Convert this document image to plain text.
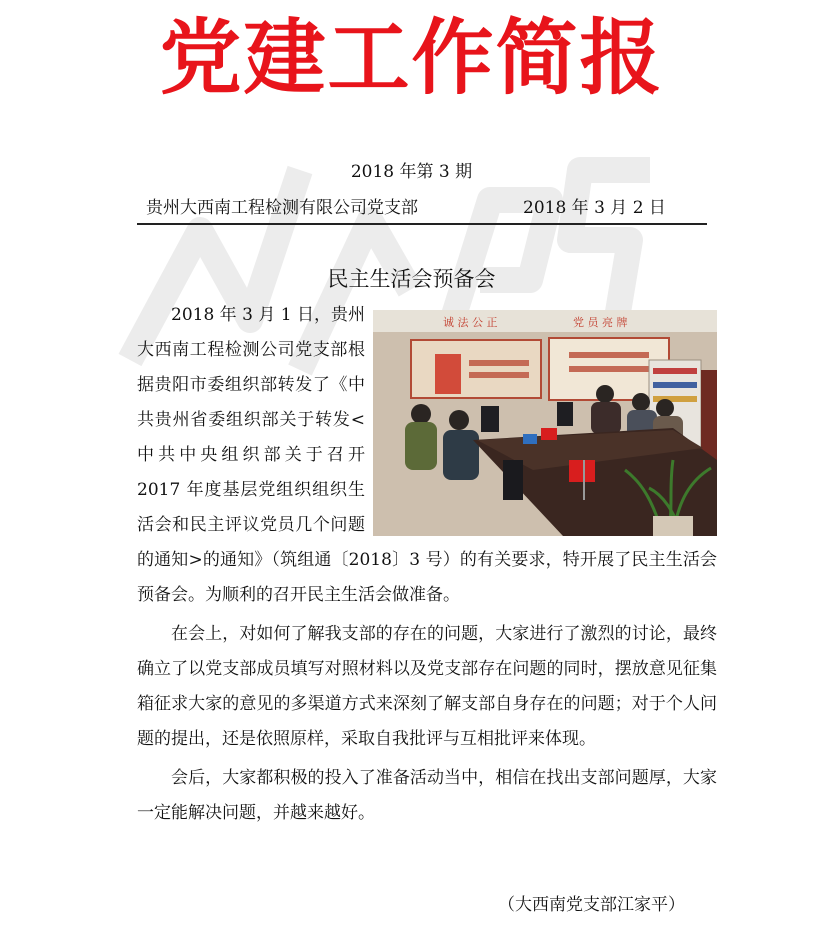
党建工作简报
2018 年第 3 期
贵州大西南工程检测有限公司党支部	2018 年 3 月 2 日
民主生活会预备会
诚 法 公 正	党 员 亮 牌

2018 年 3 月 1 日，贵州大西南工程检测公司党支部根据贵阳市委组织部转发了《中共贵州省委组织部关于转发<中共中央组织部关于召开 2017 年度基层党组织组织生活会和民主评议党员几个问题的通知>的通知》（筑组通〔2018〕3 号）的有关要求，特开展了民主生活会预备会。为顺利的召开民主生活会做准备。

在会上，对如何了解我支部的存在的问题，大家进行了激烈的讨论，最终确立了以党支部成员填写对照材料以及党支部存在问题的同时，摆放意见征集箱征求大家的意见的多渠道方式来深刻了解支部自身存在的问题；对于个人问题的提出，还是依照原样，采取自我批评与互相批评来体现。

会后，大家都积极的投入了准备活动当中，相信在找出支部问题厚，大家一定能解决问题，并越来越好。

（大西南党支部江家平）
